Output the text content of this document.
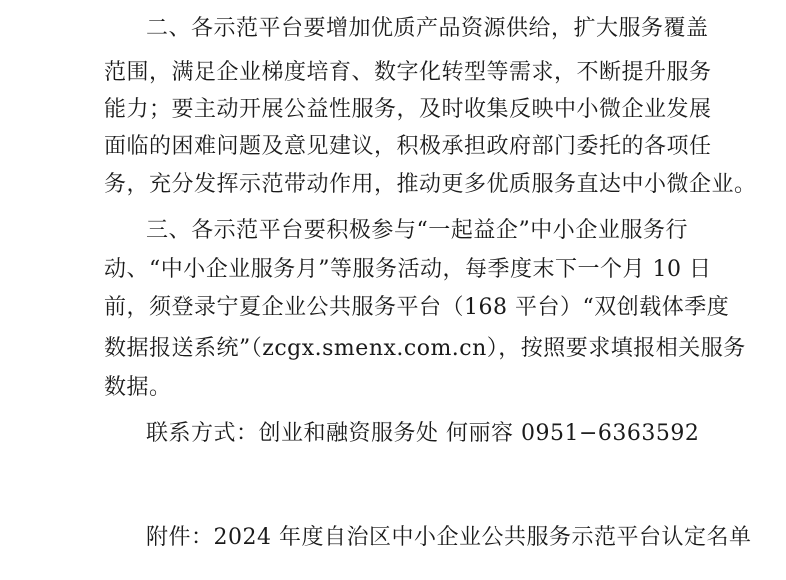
二、各示范平台要增加优质产品资源供给，扩大服务覆盖
范围，满足企业梯度培育、数字化转型等需求，不断提升服务
能力；要主动开展公益性服务，及时收集反映中小微企业发展
面临的困难问题及意见建议，积极承担政府部门委托的各项任
务，充分发挥示范带动作用，推动更多优质服务直达中小微企业。
三、各示范平台要积极参与“一起益企”中小企业服务行
动、“中小企业服务月”等服务活动，每季度末下一个月 10 日
前，须登录宁夏企业公共服务平台（168 平台）“双创载体季度
数据报送系统”（zcgx.smenx.com.cn），按照要求填报相关服务
数据。
联系方式：创业和融资服务处 何丽容 0951−6363592
附件：2024 年度自治区中小企业公共服务示范平台认定名单
